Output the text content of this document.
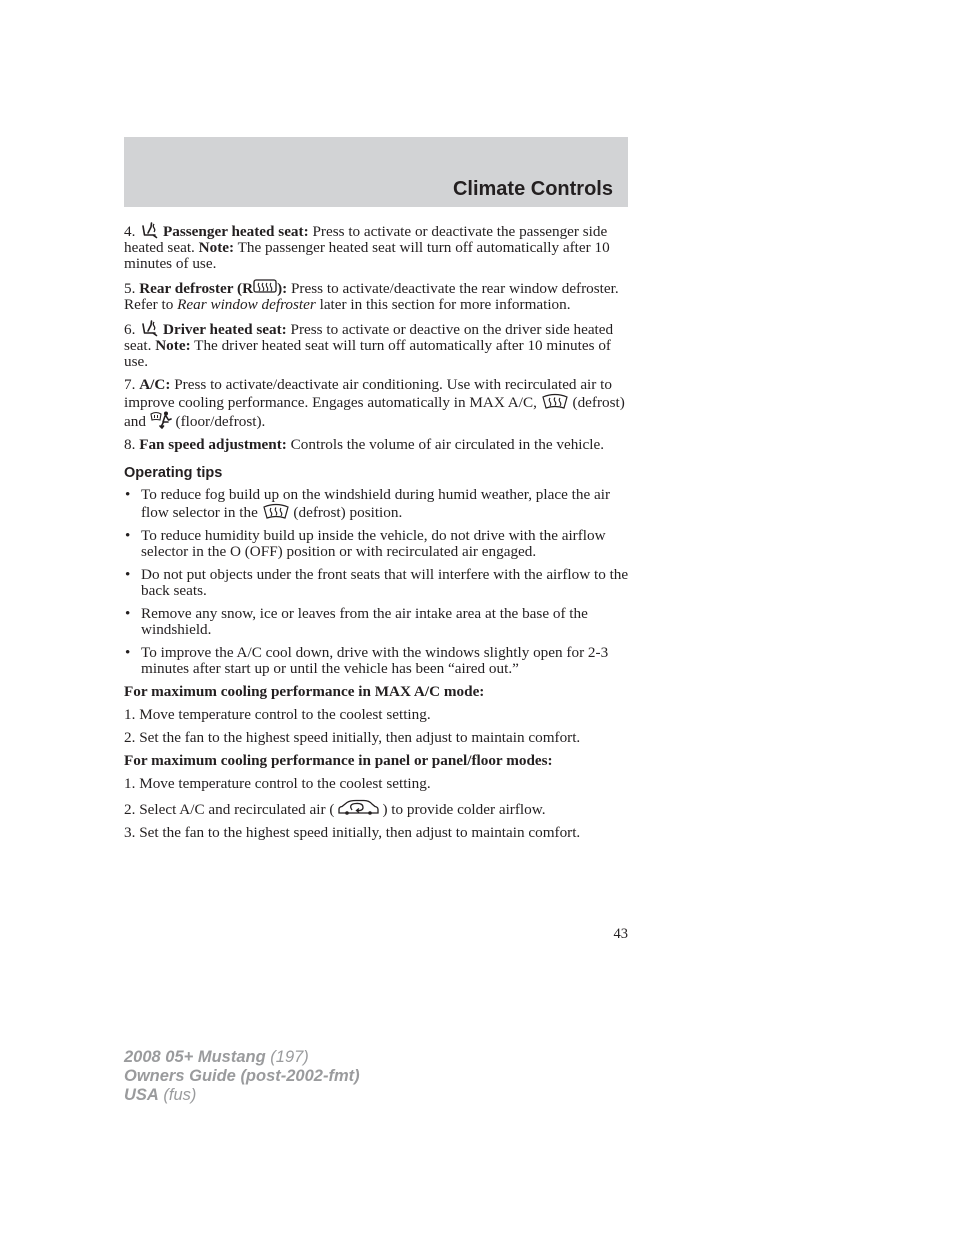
Climate Controls

4. Passenger heated seat: Press to activate or deactivate the passenger side heated seat. Note: The passenger heated seat will turn off automatically after 10 minutes of use.

5. Rear defroster (R ): Press to activate/deactivate the rear window defroster. Refer to Rear window defroster later in this section for more information.

6. Driver heated seat: Press to activate or deactive on the driver side heated seat. Note: The driver heated seat will turn off automatically after 10 minutes of use.

7. A/C: Press to activate/deactivate air conditioning. Use with recirculated air to improve cooling performance. Engages automatically in MAX A/C,
(defrost) and
(floor/defrost).

8. Fan speed adjustment: Controls the volume of air circulated in the vehicle.

Operating tips
• To reduce fog build up on the windshield during humid weather, place the air flow selector in the
(defrost) position.
• To reduce humidity build up inside the vehicle, do not drive with the airflow selector in the O (OFF) position or with recirculated air engaged.
• Do not put objects under the front seats that will interfere with the airflow to the back seats.
• Remove any snow, ice or leaves from the air intake area at the base of the windshield.
• To improve the A/C cool down, drive with the windows slightly open for 2-3 minutes after start up or until the vehicle has been “aired out.”

For maximum cooling performance in MAX A/C mode:

1. Move temperature control to the coolest setting.

2. Set the fan to the highest speed initially, then adjust to maintain comfort.

For maximum cooling performance in panel or panel/floor modes:

1. Move temperature control to the coolest setting.

2. Select A/C and recirculated air (	) to provide colder airflow.

3. Set the fan to the highest speed initially, then adjust to maintain comfort.

43
2008 05+ Mustang (197)
Owners Guide (post-2002-fmt)
USA (fus)
